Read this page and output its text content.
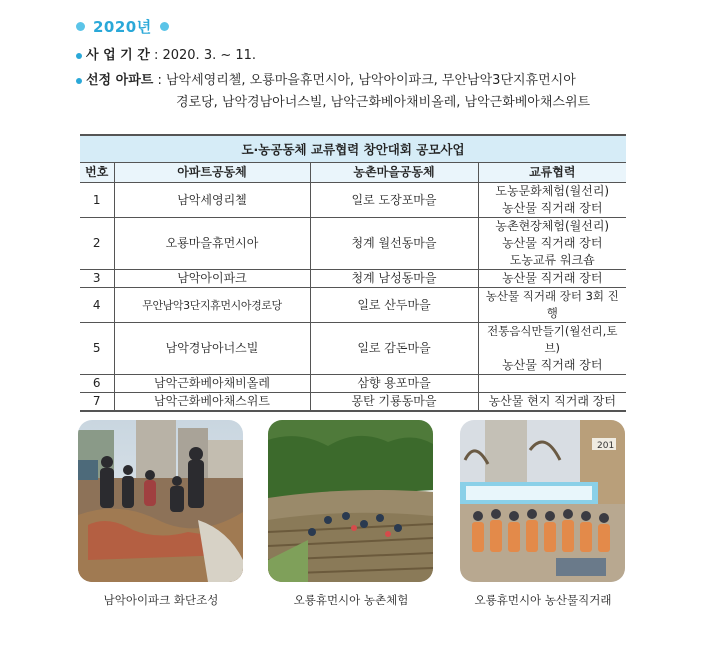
2020년
사 업 기 간 : 2020. 3. ~ 11.
선정 아파트 : 남악세영리첼, 오룡마을휴먼시아, 남악아이파크, 무안남악3단지휴먼시아
경로당, 남악경남아너스빌, 남악근화베아채비올레, 남악근화베아채스위트
도·농공동체 교류협력 창안대회 공모사업			
번호	아파트공동체	농촌마을공동체	교류협력
1	남악세영리첼	일로 도장포마을	도농문화체험(월선리)
농산물 직거래 장터

2	오룡마을휴먼시아	청계 월선동마을	농촌현장체험(월선리)
농산물 직거래 장터
도농교류 워크숍

3	남악아이파크	청계 남성동마을	농산물 직거래 장터
4	무안남악3단지휴먼시아경로당	일로 산두마을	농산물 직거래 장터 3회 진행
5	남악경남아너스빌	일로 감돈마을	전통음식만들기(월선리,토브)
농산물 직거래 장터

6	남악근화베아채비올레	삼향 용포마을	
7	남악근화베아채스위트	몽탄 기룡동마을	농산물 현지 직거래 장터
201
남악아이파크 화단조성	오룡휴먼시아 농촌체험	오룡휴먼시아 농산물직거래
